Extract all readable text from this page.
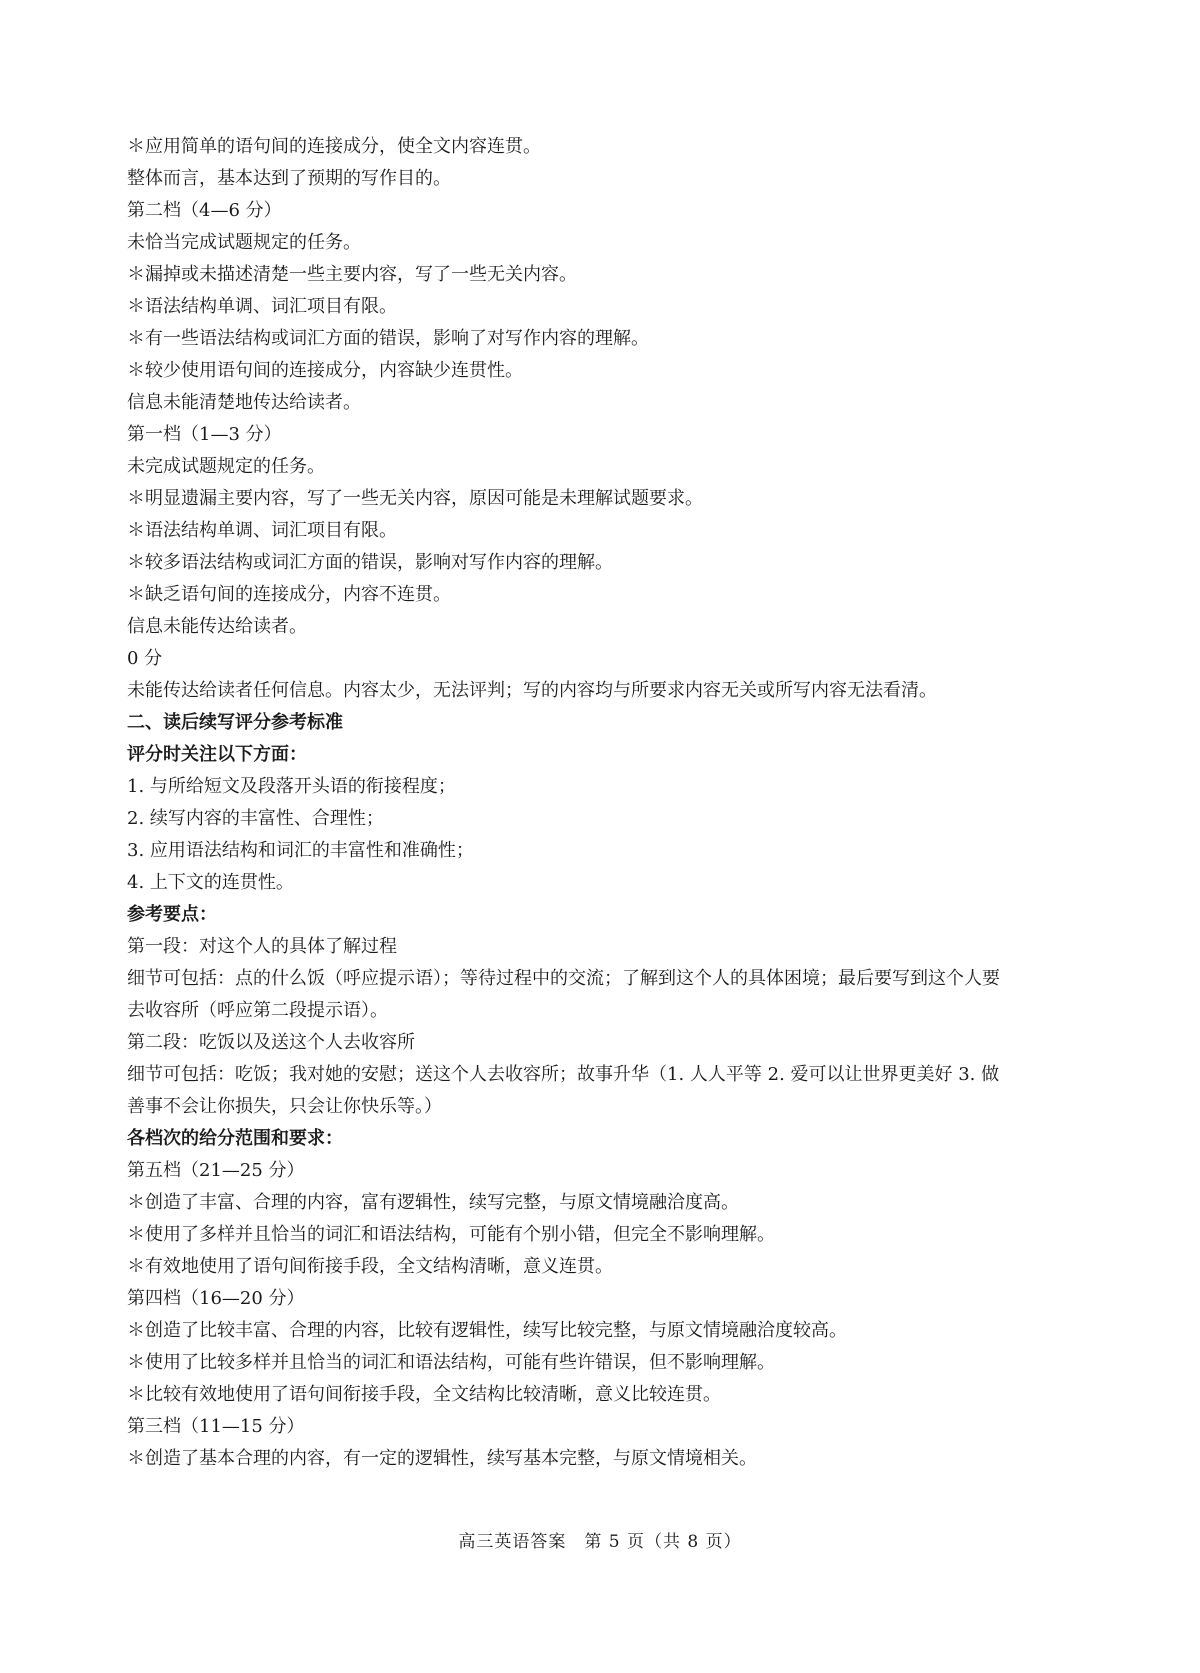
＊应用简单的语句间的连接成分，使全文内容连贯。
整体而言，基本达到了预期的写作目的。
第二档（4—6 分）
未恰当完成试题规定的任务。
＊漏掉或未描述清楚一些主要内容，写了一些无关内容。
＊语法结构单调、词汇项目有限。
＊有一些语法结构或词汇方面的错误，影响了对写作内容的理解。
＊较少使用语句间的连接成分，内容缺少连贯性。
信息未能清楚地传达给读者。
第一档（1—3 分）
未完成试题规定的任务。
＊明显遗漏主要内容，写了一些无关内容，原因可能是未理解试题要求。
＊语法结构单调、词汇项目有限。
＊较多语法结构或词汇方面的错误，影响对写作内容的理解。
＊缺乏语句间的连接成分，内容不连贯。
信息未能传达给读者。
0 分
未能传达给读者任何信息。内容太少，无法评判；写的内容均与所要求内容无关或所写内容无法看清。
二、读后续写评分参考标准
评分时关注以下方面：
1. 与所给短文及段落开头语的衔接程度；
2. 续写内容的丰富性、合理性；
3. 应用语法结构和词汇的丰富性和准确性；
4. 上下文的连贯性。
参考要点：
第一段：对这个人的具体了解过程
细节可包括：点的什么饭（呼应提示语）；等待过程中的交流；了解到这个人的具体困境；最后要写到这个人要
去收容所（呼应第二段提示语）。
第二段：吃饭以及送这个人去收容所
细节可包括：吃饭；我对她的安慰；送这个人去收容所；故事升华（1. 人人平等 2. 爱可以让世界更美好 3. 做
善事不会让你损失，只会让你快乐等。）
各档次的给分范围和要求：
第五档（21—25 分）
＊创造了丰富、合理的内容，富有逻辑性，续写完整，与原文情境融洽度高。
＊使用了多样并且恰当的词汇和语法结构，可能有个别小错，但完全不影响理解。
＊有效地使用了语句间衔接手段，全文结构清晰，意义连贯。
第四档（16—20 分）
＊创造了比较丰富、合理的内容，比较有逻辑性，续写比较完整，与原文情境融洽度较高。
＊使用了比较多样并且恰当的词汇和语法结构，可能有些许错误，但不影响理解。
＊比较有效地使用了语句间衔接手段，全文结构比较清晰，意义比较连贯。
第三档（11—15 分）
＊创造了基本合理的内容，有一定的逻辑性，续写基本完整，与原文情境相关。
高三英语答案　第 5 页（共 8 页）
